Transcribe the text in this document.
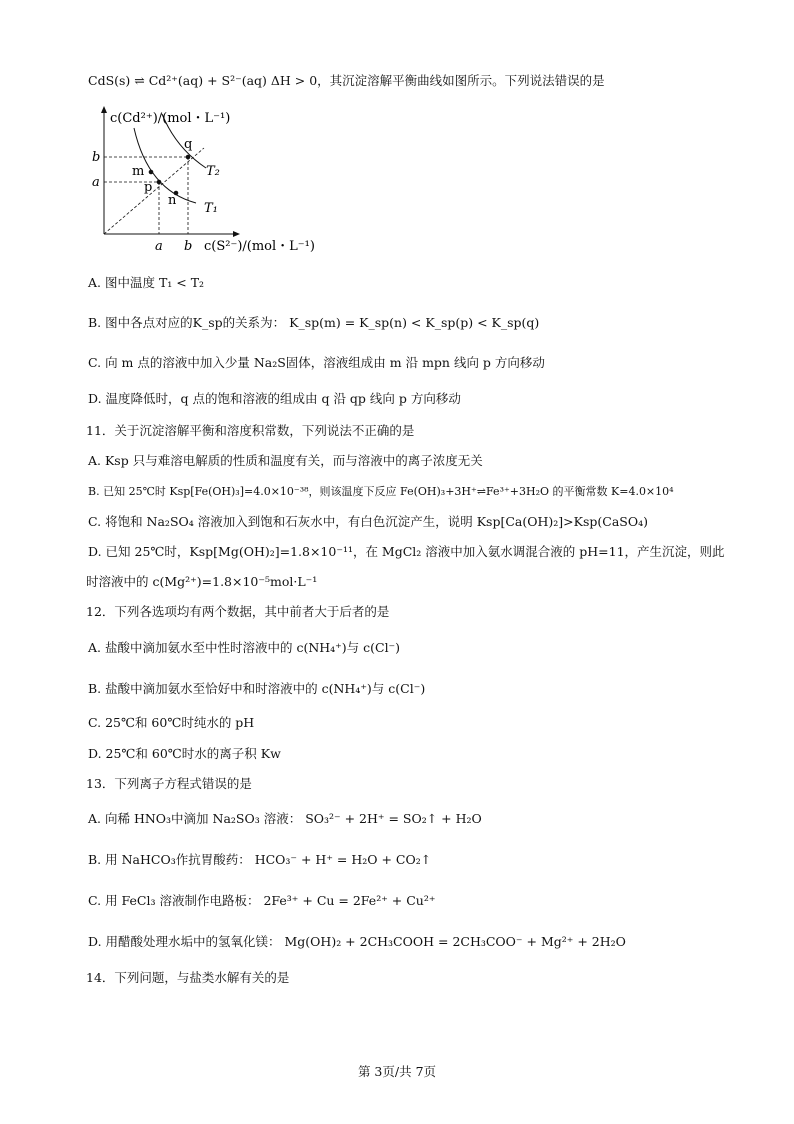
CdS(s) ⇌ Cd²⁺(aq) + S²⁻(aq) ΔH > 0，其沉淀溶解平衡曲线如图所示。下列说法错误的是
c(Cd²⁺)/(mol・L⁻¹)
c(S²⁻)/(mol・L⁻¹)
b
a
a b
q
m
p
n
T₂
T₁
A. 图中温度 T₁ < T₂
B. 图中各点对应的K_sp的关系为： K_sp(m) = K_sp(n) < K_sp(p) < K_sp(q)
C. 向 m 点的溶液中加入少量 Na₂S固体，溶液组成由 m 沿 mpn 线向 p 方向移动
D. 温度降低时，q 点的饱和溶液的组成由 q 沿 qp 线向 p 方向移动
11．关于沉淀溶解平衡和溶度积常数，下列说法不正确的是
A. Ksp 只与难溶电解质的性质和温度有关，而与溶液中的离子浓度无关
B. 已知 25℃时 Ksp[Fe(OH)₃]=4.0×10⁻³⁸，则该温度下反应 Fe(OH)₃+3H⁺⇌Fe³⁺+3H₂O 的平衡常数 K=4.0×10⁴
C. 将饱和 Na₂SO₄ 溶液加入到饱和石灰水中，有白色沉淀产生，说明 Ksp[Ca(OH)₂]>Ksp(CaSO₄)
D. 已知 25℃时，Ksp[Mg(OH)₂]=1.8×10⁻¹¹，在 MgCl₂ 溶液中加入氨水调混合液的 pH=11，产生沉淀，则此
时溶液中的 c(Mg²⁺)=1.8×10⁻⁵mol·L⁻¹
12．下列各选项均有两个数据，其中前者大于后者的是
A. 盐酸中滴加氨水至中性时溶液中的 c(NH₄⁺)与 c(Cl⁻)
B. 盐酸中滴加氨水至恰好中和时溶液中的 c(NH₄⁺)与 c(Cl⁻)
C. 25℃和 60℃时纯水的 pH
D. 25℃和 60℃时水的离子积 Kw
13．下列离子方程式错误的是
A. 向稀 HNO₃中滴加 Na₂SO₃ 溶液： SO₃²⁻ + 2H⁺ = SO₂↑ + H₂O
B. 用 NaHCO₃作抗胃酸药： HCO₃⁻ + H⁺ = H₂O + CO₂↑
C. 用 FeCl₃ 溶液制作电路板： 2Fe³⁺ + Cu = 2Fe²⁺ + Cu²⁺
D. 用醋酸处理水垢中的氢氧化镁： Mg(OH)₂ + 2CH₃COOH = 2CH₃COO⁻ + Mg²⁺ + 2H₂O
14．下列问题，与盐类水解有关的是
第 3页/共 7页
